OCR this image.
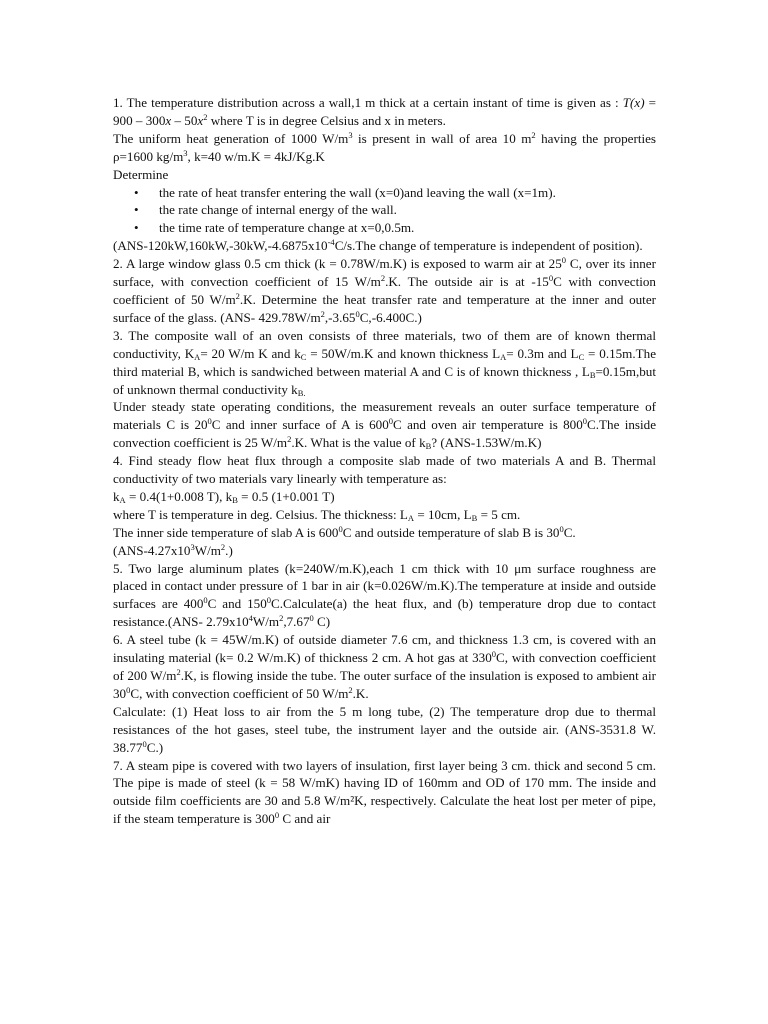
1. The temperature distribution across a wall,1 m thick at a certain instant of time is given as : $T(x) = 900 - 300x - 50x^2$ where T is in degree Celsius and x in meters.

The uniform heat generation of 1000 $W/m^3$ is present in wall of area 10 $m^2$ having the properties ρ=1600 $kg/m^3$, k=40 w/m.K = 4kJ/Kg.K

Determine

• the rate of heat transfer entering the wall (x=0)and leaving the wall (x=1m).
• the rate change of internal energy of the wall.
• the time rate of temperature change at x=0,0.5m.

($ANS-120kW,160kW,-30kW,-4.6875x10^{-4}C/s.The$ change of temperature is independent of position).

2. A large window glass 0.5 cm thick (k = 0.78W/m.K) is exposed to warm air at $25^0$ C, over its inner surface, with convection coefficient of 15 $W/m^2.K$. The outside air is at $-15^0C$ with convection coefficient of 50 $W/m^2.K$. Determine the heat transfer rate and temperature at the inner and outer surface of the glass. (ANS- $429.78W/m^2,-3.65^0C,-6.400C$.)

3. The composite wall of an oven consists of three materials, two of them are of known thermal conductivity, $K_A= 20$ W/m K and $k_C = 50W/m.K$ and known thickness $L_A= 0.3m$ and $L_C = 0.15m.The$ third material B, which is sandwiched between material A and C is of known thickness , $L_B=0.15m,but$ of unknown thermal conductivity $k_{B.}$

Under steady state operating conditions, the measurement reveals an outer surface temperature of materials C is $20^0C$ and inner surface of A is $600^0C$ and oven air temperature is $800^0C.The$ inside convection coefficient is 25 $W/m^2.K$. What is the value of $k_B$? (ANS-1.53W/m.K)

4. Find steady flow heat flux through a composite slab made of two materials A and B. Thermal conductivity of two materials vary linearly with temperature as:

$k_A = 0.4(1+0.008$ T), $k_B = 0.5$ (1+0.001 T)

where T is temperature in deg. Celsius. The thickness: $L_A = 10cm$, $L_B = 5$ cm.

The inner side temperature of slab A is $600^0C$ and outside temperature of slab B is $30^0C$.

$(ANS-4.27x10^3W/m^2.)$

5. Two large aluminum plates (k=240W/m.K),each 1 cm thick with 10 μm surface roughness are placed in contact under pressure of 1 bar in air (k=0.026W/m.K).The temperature at inside and outside surfaces are $400^0C$ and $150^0C.Calculate(a)$ the heat flux, and (b) temperature drop due to contact resistance.(ANS- $2.79x10^4W/m^2,7.67^0$ C)

6. A steel tube (k = 45W/m.K) of outside diameter 7.6 cm, and thickness 1.3 cm, is covered with an insulating material (k= 0.2 W/m.K) of thickness 2 cm. A hot gas at $330^0C$, with convection coefficient of 200 $W/m^2.K$, is flowing inside the tube. The outer surface of the insulation is exposed to ambient air $30^0C$, with convection coefficient of 50 $W/m^2.K$.

Calculate: (1) Heat loss to air from the 5 m long tube, (2) The temperature drop due to thermal resistances of the hot gases, steel tube, the instrument layer and the outside air. (ANS-3531.8 W. 38.77$^0$C.)

7. A steam pipe is covered with two layers of insulation, first layer being 3 cm. thick and second 5 cm. The pipe is made of steel (k = 58 W/mK) having ID of 160mm and OD of 170 mm. The inside and outside film coefficients are 30 and 5.8 W/m²K, respectively. Calculate the heat lost per meter of pipe, if the steam temperature is $300^0$ C and air
